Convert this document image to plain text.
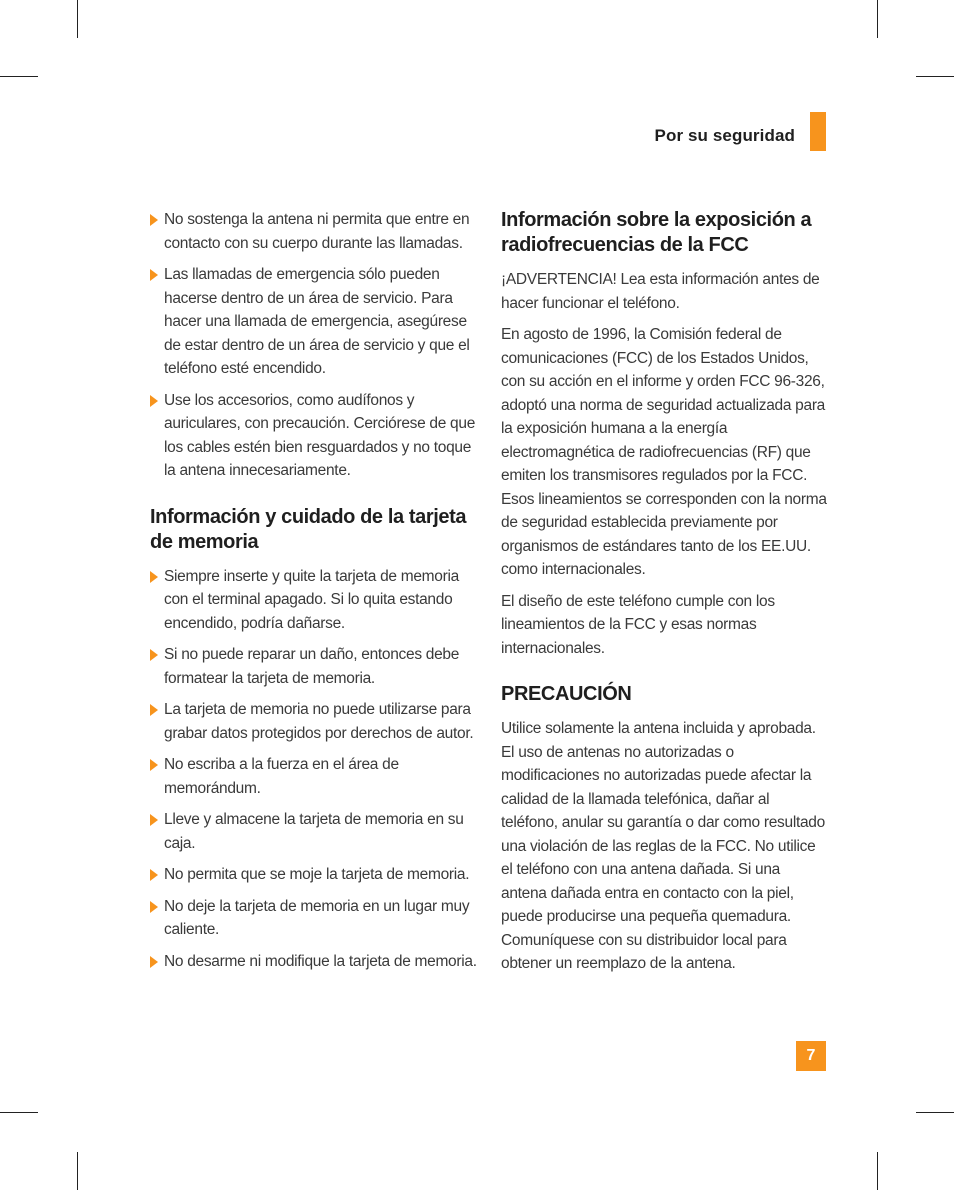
Por su seguridad
No sostenga la antena ni permita que entre en contacto con su cuerpo durante las llamadas.
Las llamadas de emergencia sólo pueden hacerse dentro de un área de servicio. Para hacer una llamada de emergencia, asegúrese de estar dentro de un área de servicio y que el teléfono esté encendido.
Use los accesorios, como audífonos y auriculares, con precaución. Cerciórese de que los cables estén bien resguardados y no toque la antena innecesariamente.
Información y cuidado de la tarjeta de memoria
Siempre inserte y quite la tarjeta de memoria con el terminal apagado. Si lo quita estando encendido, podría dañarse.
Si no puede reparar un daño, entonces debe formatear la tarjeta de memoria.
La tarjeta de memoria no puede utilizarse para grabar datos protegidos por derechos de autor.
No escriba a la fuerza en el área de memorándum.
Lleve y almacene la tarjeta de memoria en su caja.
No permita que se moje la tarjeta de memoria.
No deje la tarjeta de memoria en un lugar muy caliente.
No desarme ni modifique la tarjeta de memoria.
Información sobre la exposición a radiofrecuencias de la FCC

¡ADVERTENCIA! Lea esta información antes de hacer funcionar el teléfono.

En agosto de 1996, la Comisión federal de comunicaciones (FCC) de los Estados Unidos, con su acción en el informe y orden FCC 96-326, adoptó una norma de seguridad actualizada para la exposición humana a la energía electromagnética de radiofrecuencias (RF) que emiten los transmisores regulados por la FCC. Esos lineamientos se corresponden con la norma de seguridad establecida previamente por organismos de estándares tanto de los EE.UU. como internacionales.

El diseño de este teléfono cumple con los lineamientos de la FCC y esas normas internacionales.

PRECAUCIÓN

Utilice solamente la antena incluida y aprobada. El uso de antenas no autorizadas o modificaciones no autorizadas puede afectar la calidad de la llamada telefónica, dañar al teléfono, anular su garantía o dar como resultado una violación de las reglas de la FCC. No utilice el teléfono con una antena dañada. Si una antena dañada entra en contacto con la piel, puede producirse una pequeña quemadura. Comuníquese con su distribuidor local para obtener un reemplazo de la antena.

7
